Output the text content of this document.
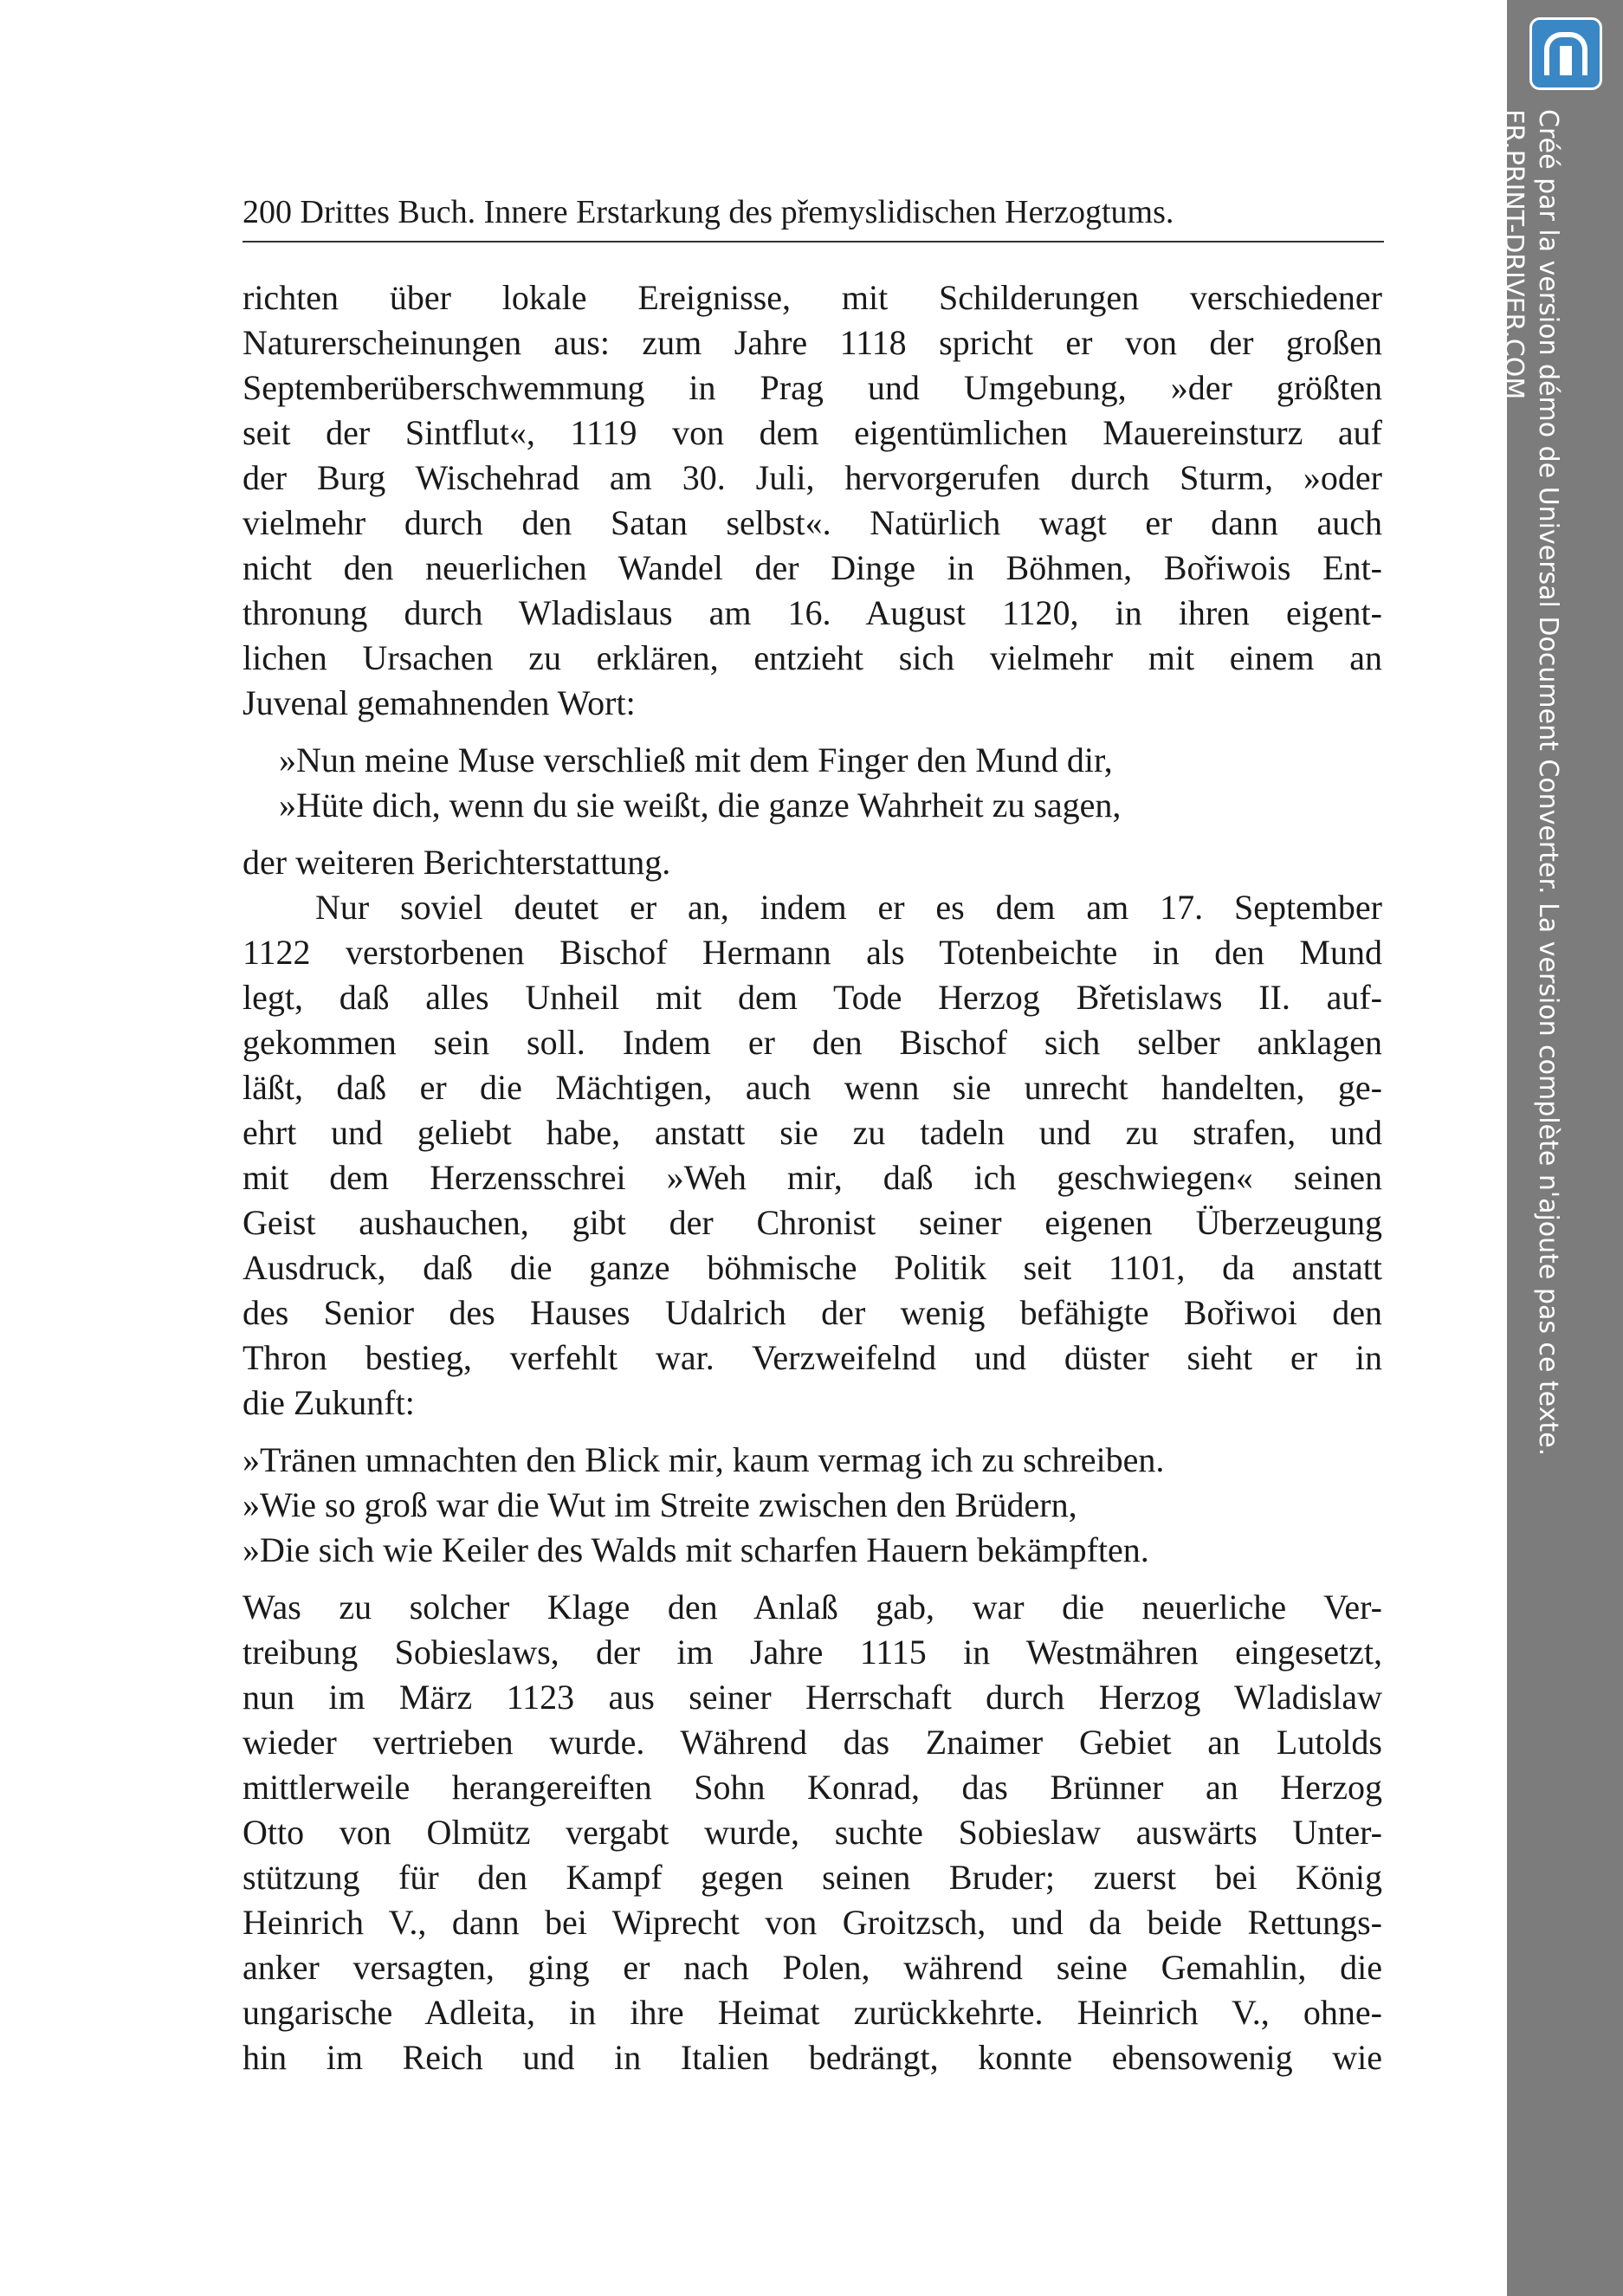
200 Drittes Buch. Innere Erstarkung des přemyslidischen Herzogtums.
richten über lokale Ereignisse, mit Schilderungen verschiedener
Naturerscheinungen aus: zum Jahre 1118 spricht er von der großen
Septemberüberschwemmung in Prag und Umgebung, »der größten
seit der Sintflut«, 1119 von dem eigentümlichen Mauereinsturz auf
der Burg Wischehrad am 30. Juli, hervorgerufen durch Sturm, »oder
vielmehr durch den Satan selbst«. Natürlich wagt er dann auch
nicht den neuerlichen Wandel der Dinge in Böhmen, Bořiwois Ent-
thronung durch Wladislaus am 16. August 1120, in ihren eigent-
lichen Ursachen zu erklären, entzieht sich vielmehr mit einem an
Juvenal gemahnenden Wort:
»Nun meine Muse verschließ mit dem Finger den Mund dir,
»Hüte dich, wenn du sie weißt, die ganze Wahrheit zu sagen,
der weiteren Berichterstattung.
Nur soviel deutet er an, indem er es dem am 17. September
1122 verstorbenen Bischof Hermann als Totenbeichte in den Mund
legt, daß alles Unheil mit dem Tode Herzog Břetislaws II. auf-
gekommen sein soll. Indem er den Bischof sich selber anklagen
läßt, daß er die Mächtigen, auch wenn sie unrecht handelten, ge-
ehrt und geliebt habe, anstatt sie zu tadeln und zu strafen, und
mit dem Herzensschrei »Weh mir, daß ich geschwiegen« seinen
Geist aushauchen, gibt der Chronist seiner eigenen Überzeugung
Ausdruck, daß die ganze böhmische Politik seit 1101, da anstatt
des Senior des Hauses Udalrich der wenig befähigte Bořiwoi den
Thron bestieg, verfehlt war. Verzweifelnd und düster sieht er in
die Zukunft:
»Tränen umnachten den Blick mir, kaum vermag ich zu schreiben.
»Wie so groß war die Wut im Streite zwischen den Brüdern,
»Die sich wie Keiler des Walds mit scharfen Hauern bekämpften.
Was zu solcher Klage den Anlaß gab, war die neuerliche Ver-
treibung Sobieslaws, der im Jahre 1115 in Westmähren eingesetzt,
nun im März 1123 aus seiner Herrschaft durch Herzog Wladislaw
wieder vertrieben wurde. Während das Znaimer Gebiet an Lutolds
mittlerweile herangereiften Sohn Konrad, das Brünner an Herzog
Otto von Olmütz vergabt wurde, suchte Sobieslaw auswärts Unter-
stützung für den Kampf gegen seinen Bruder; zuerst bei König
Heinrich V., dann bei Wiprecht von Groitzsch, und da beide Rettungs-
anker versagten, ging er nach Polen, während seine Gemahlin, die
ungarische Adleita, in ihre Heimat zurückkehrte. Heinrich V., ohne-
hin im Reich und in Italien bedrängt, konnte ebensowenig wie
Créé par la version démo de Universal Document Converter. La version complète n'ajoute pas ce texte.
FR.PRINT-DRIVER.COM
